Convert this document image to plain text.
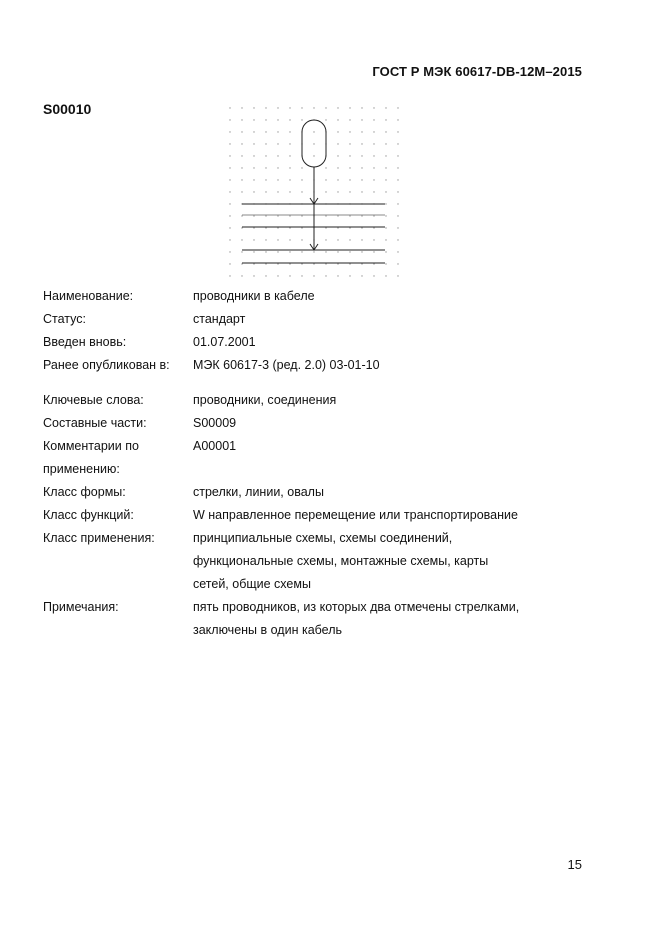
ГОСТ Р МЭК 60617-DB-12M–2015
S00010
Наименование:	проводники в кабеле
Статус:	стандарт
Введен вновь:	01.07.2001
Ранее опубликован в:	МЭК 60617-3 (ред. 2.0) 03-01-10
Ключевые слова:	проводники, соединения
Составные части:	S00009
Комментарии по	A00001
применению:
Класс формы:	стрелки, линии, овалы
Класс функций:	W направленное перемещение или транспортирование
Класс применения:	принципиальные схемы, схемы соединений,
функциональные схемы, монтажные схемы, карты
сетей, общие схемы
Примечания:	пять проводников, из которых два отмечены стрелками,
заключены в один кабель
15
